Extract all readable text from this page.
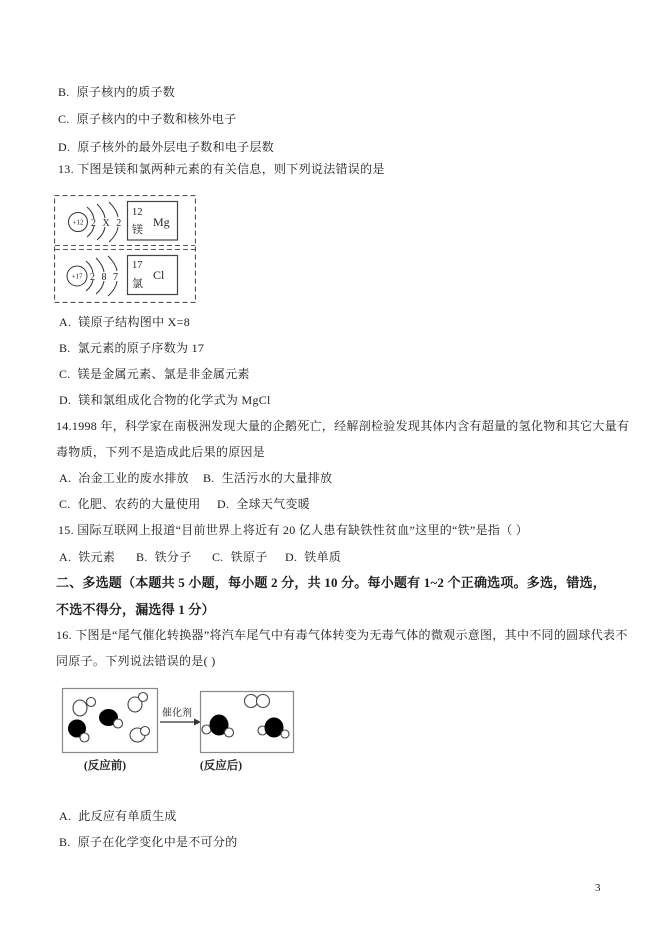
B. 原子核内的质子数
C. 原子核内的中子数和核外电子
D. 原子核外的最外层电子数和电子层数
13. 下图是镁和氯两种元素的有关信息，则下列说法错误的是
+12 2 X 2
12
镁
Mg
+17 2 8 7
17
氯
Cl
A. 镁原子结构图中 X=8
B. 氯元素的原子序数为 17
C. 镁是金属元素、氯是非金属元素
D. 镁和氯组成化合物的化学式为 MgCl
14.1998 年，科学家在南极洲发现大量的企鹅死亡，经解剖检验发现其体内含有超量的氢化物和其它大量有
毒物质，下列不是造成此后果的原因是
A. 冶金工业的废水排放 B. 生活污水的大量排放
C. 化肥、农药的大量使用 D. 全球天气变暖
15. 国际互联网上报道“目前世界上将近有 20 亿人患有缺铁性贫血”这里的“铁”是指（ ）
A. 铁元素 B. 铁分子 C. 铁原子 D. 铁单质
二、多选题（本题共 5 小题，每小题 2 分，共 10 分。每小题有 1~2 个正确选项。多选，错选，
不选不得分，漏选得 1 分）
16. 下图是“尾气催化转换器”将汽车尾气中有毒气体转变为无毒气体的微观示意图，其中不同的圆球代表不
同原子。下列说法错误的是( )
催化剂
(反应前)	(反应后)
A. 此反应有单质生成
B. 原子在化学变化中是不可分的
3
